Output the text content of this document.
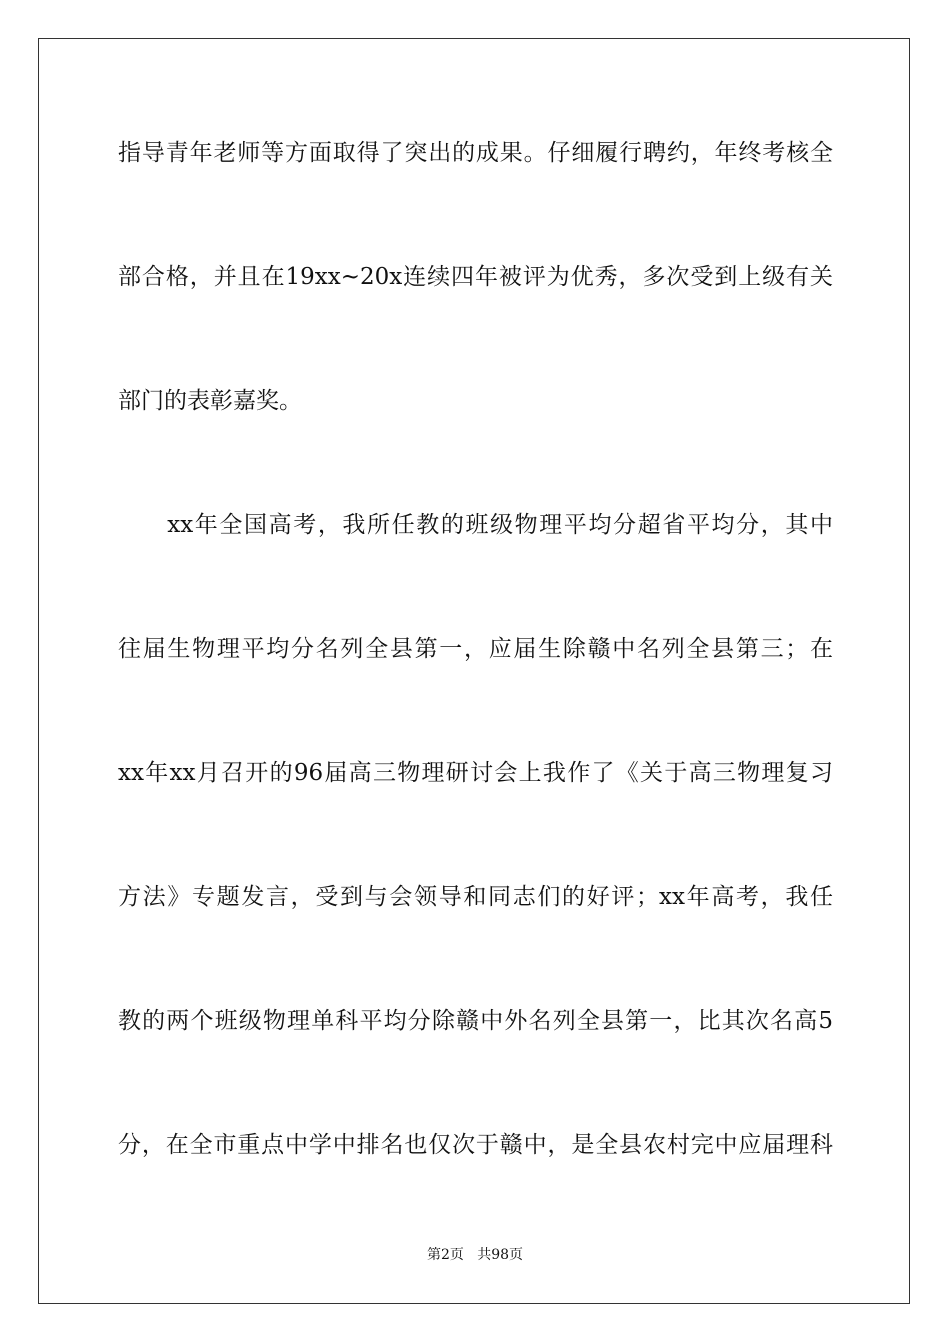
指导青年老师等方面取得了突出的成果。仔细履行聘约，年终考核全
部合格，并且在19xx~20x连续四年被评为优秀，多次受到上级有关
部门的表彰嘉奖。
　　xx年全国高考，我所任教的班级物理平均分超省平均分，其中
往届生物理平均分名列全县第一，应届生除赣中名列全县第三；在
xx年xx月召开的96届高三物理研讨会上我作了《关于高三物理复习
方法》专题发言，受到与会领导和同志们的好评；xx年高考，我任
教的两个班级物理单科平均分除赣中外名列全县第一，比其次名高5
分，在全市重点中学中排名也仅次于赣中，是全县农村完中应届理科
第2页   共98页
